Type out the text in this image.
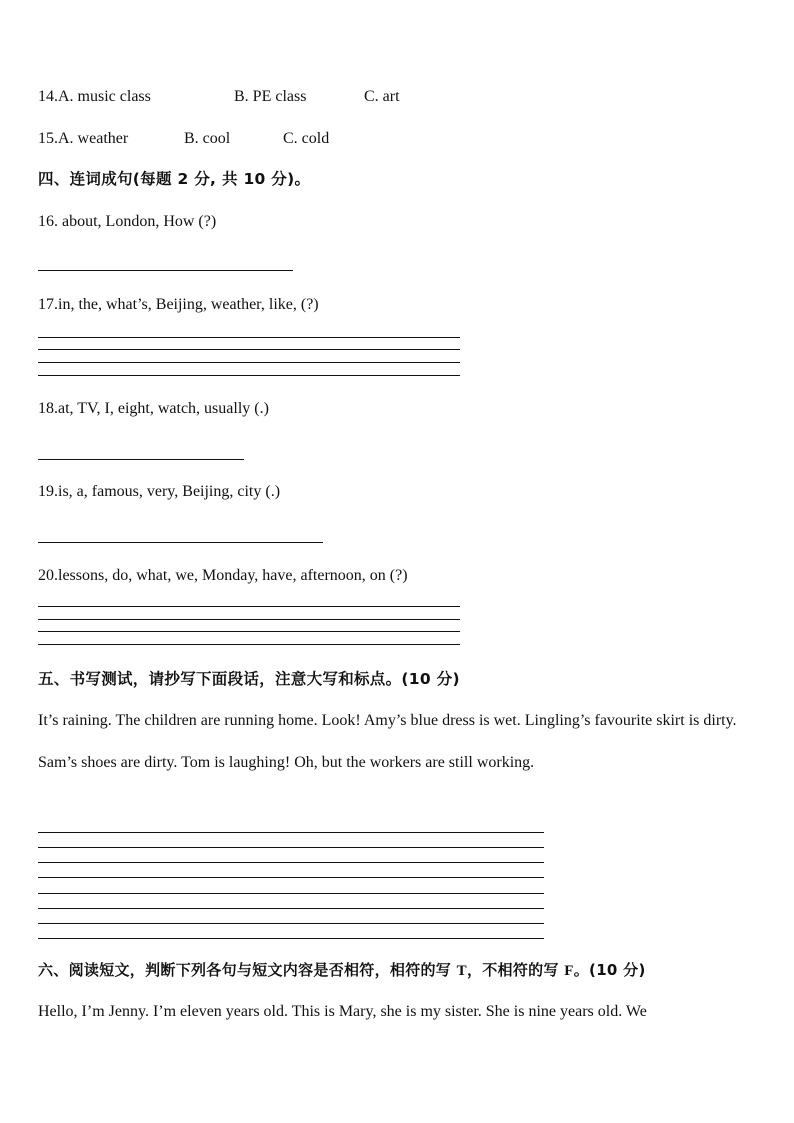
14.A. music class	B. PE class	C. art
15.A. weather	B. cool	C. cold
四、连词成句(每题 2 分, 共 10 分)。
16. about, London, How (?)
17.in, the, what’s, Beijing, weather, like, (?)
18.at, TV, I, eight, watch, usually (.)
19.is, a, famous, very, Beijing, city (.)
20.lessons, do, what, we, Monday, have, afternoon, on (?)
五、书写测试，请抄写下面段话，注意大写和标点。(10 分)
It’s raining. The children are running home. Look! Amy’s blue dress is wet. Lingling’s favourite skirt is dirty. Sam’s shoes are dirty. Tom is laughing! Oh, but the workers are still working.
六、阅读短文，判断下列各句与短文内容是否相符，相符的写 T，不相符的写 F。(10 分)
Hello, I’m Jenny. I’m eleven years old. This is Mary, she is my sister. She is nine years old. We
